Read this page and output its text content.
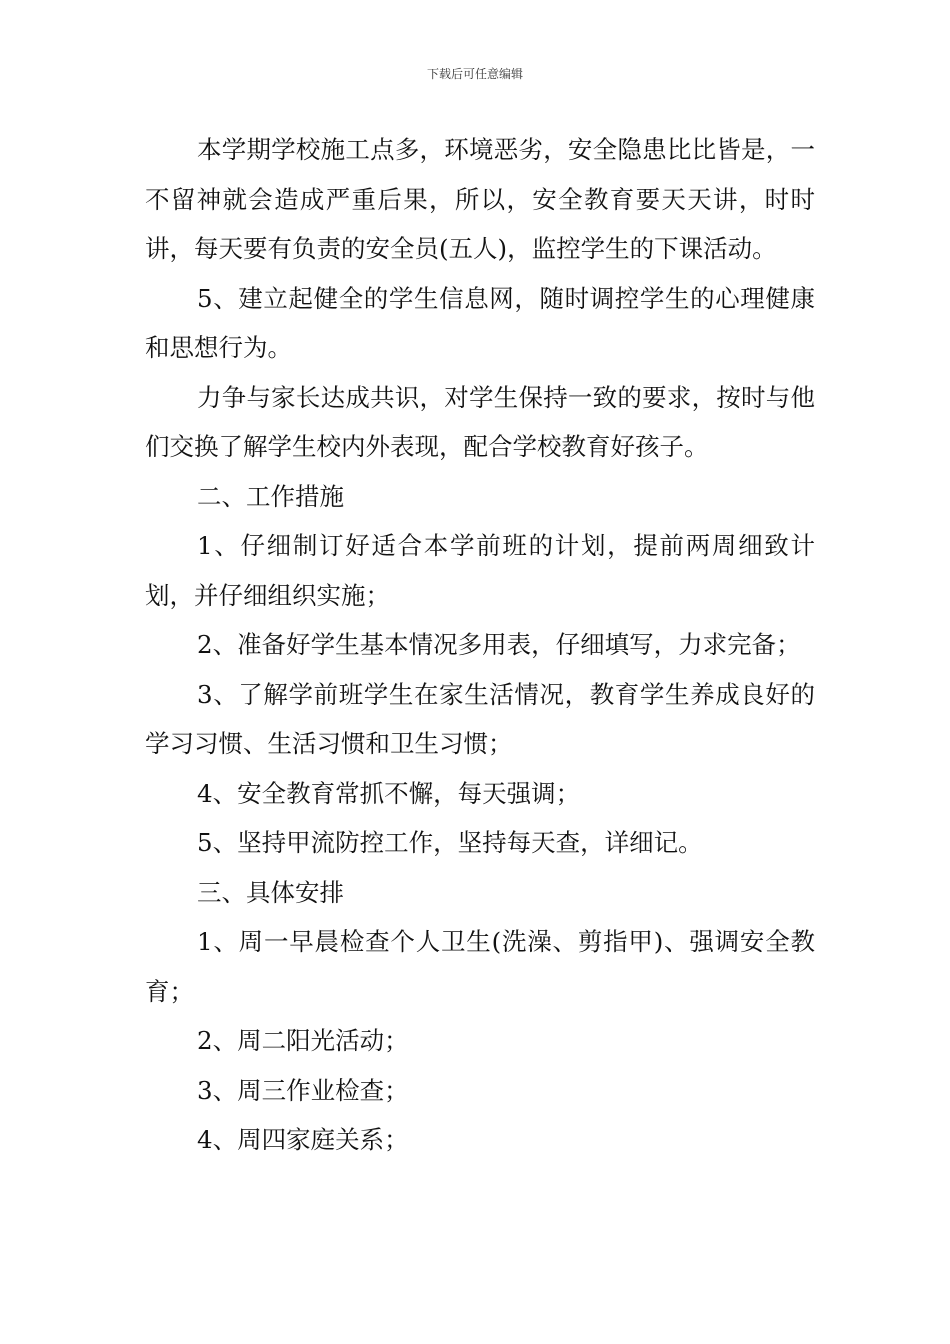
下载后可任意编辑

本学期学校施工点多，环境恶劣，安全隐患比比皆是，一不留神就会造成严重后果，所以，安全教育要天天讲，时时讲，每天要有负责的安全员(五人)，监控学生的下课活动。

5、建立起健全的学生信息网，随时调控学生的心理健康和思想行为。

力争与家长达成共识，对学生保持一致的要求，按时与他们交换了解学生校内外表现，配合学校教育好孩子。

二、工作措施

1、仔细制订好适合本学前班的计划，提前两周细致计划，并仔细组织实施；

2、准备好学生基本情况多用表，仔细填写，力求完备；

3、了解学前班学生在家生活情况，教育学生养成良好的学习习惯、生活习惯和卫生习惯；

4、安全教育常抓不懈，每天强调；

5、坚持甲流防控工作，坚持每天查，详细记。

三、具体安排

1、周一早晨检查个人卫生(洗澡、剪指甲)、强调安全教育；

2、周二阳光活动；

3、周三作业检查；

4、周四家庭关系；
